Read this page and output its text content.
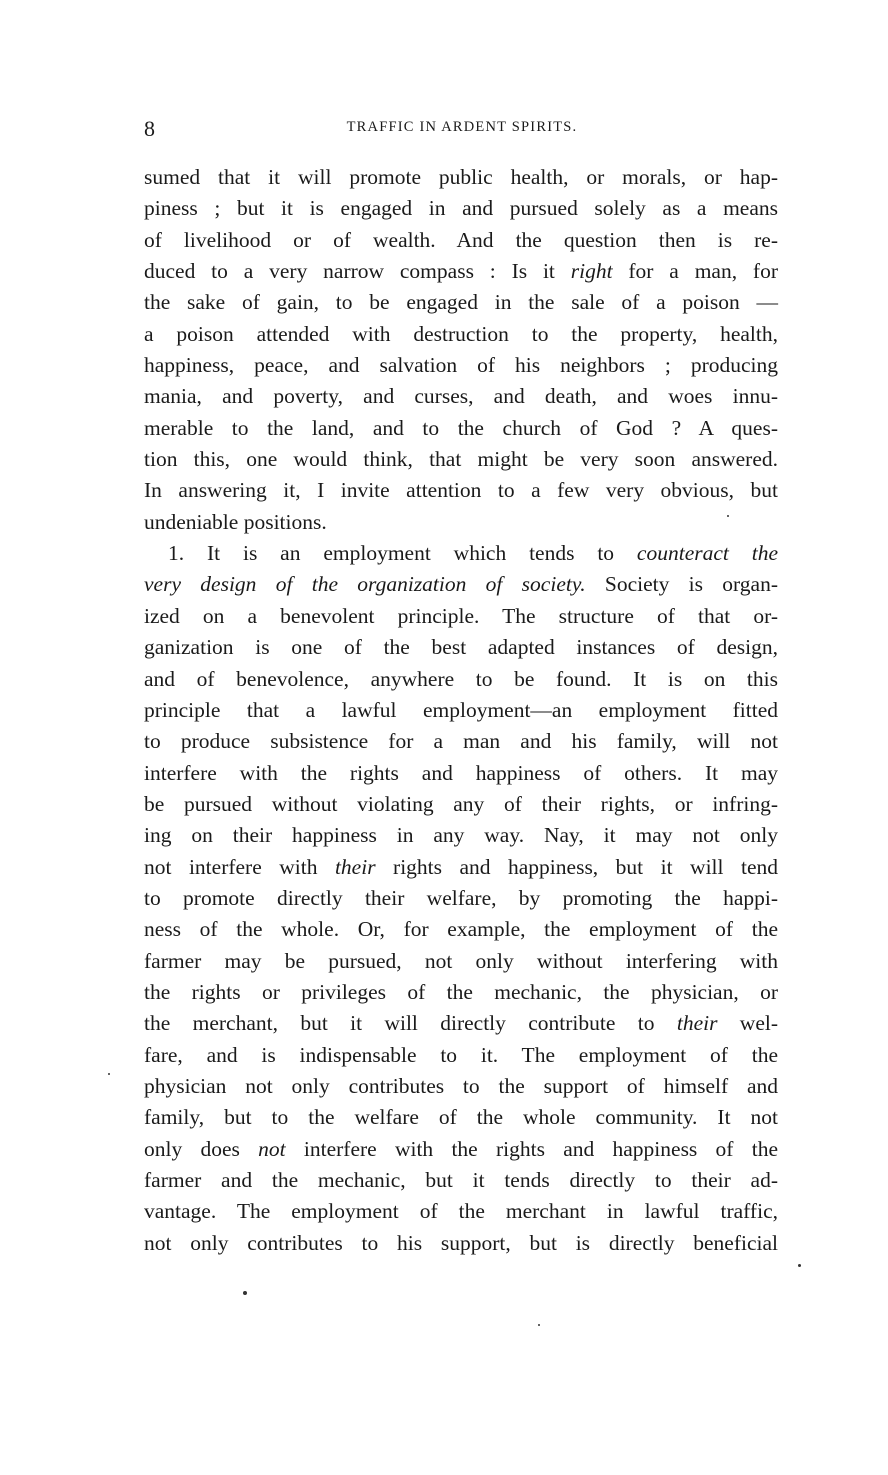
8	TRAFFIC IN ARDENT SPIRITS.
sumed that it will promote public health, or morals, or hap-
piness ; but it is engaged in and pursued solely as a means
of livelihood or of wealth. And the question then is re-
duced to a very narrow compass : Is it right for a man, for
the sake of gain, to be engaged in the sale of a poison —
a poison attended with destruction to the property, health,
happiness, peace, and salvation of his neighbors ; producing
mania, and poverty, and curses, and death, and woes innu-
merable to the land, and to the church of God ? A ques-
tion this, one would think, that might be very soon answered.
In answering it, I invite attention to a few very obvious, but
undeniable positions.
1. It is an employment which tends to counteract the
very design of the organization of society. Society is organ-
ized on a benevolent principle. The structure of that or-
ganization is one of the best adapted instances of design,
and of benevolence, anywhere to be found. It is on this
principle that a lawful employment—an employment fitted
to produce subsistence for a man and his family, will not
interfere with the rights and happiness of others. It may
be pursued without violating any of their rights, or infring-
ing on their happiness in any way. Nay, it may not only
not interfere with their rights and happiness, but it will tend
to promote directly their welfare, by promoting the happi-
ness of the whole. Or, for example, the employment of the
farmer may be pursued, not only without interfering with
the rights or privileges of the mechanic, the physician, or
the merchant, but it will directly contribute to their wel-
fare, and is indispensable to it. The employment of the
physician not only contributes to the support of himself and
family, but to the welfare of the whole community. It not
only does not interfere with the rights and happiness of the
farmer and the mechanic, but it tends directly to their ad-
vantage. The employment of the merchant in lawful traffic,
not only contributes to his support, but is directly beneficial
